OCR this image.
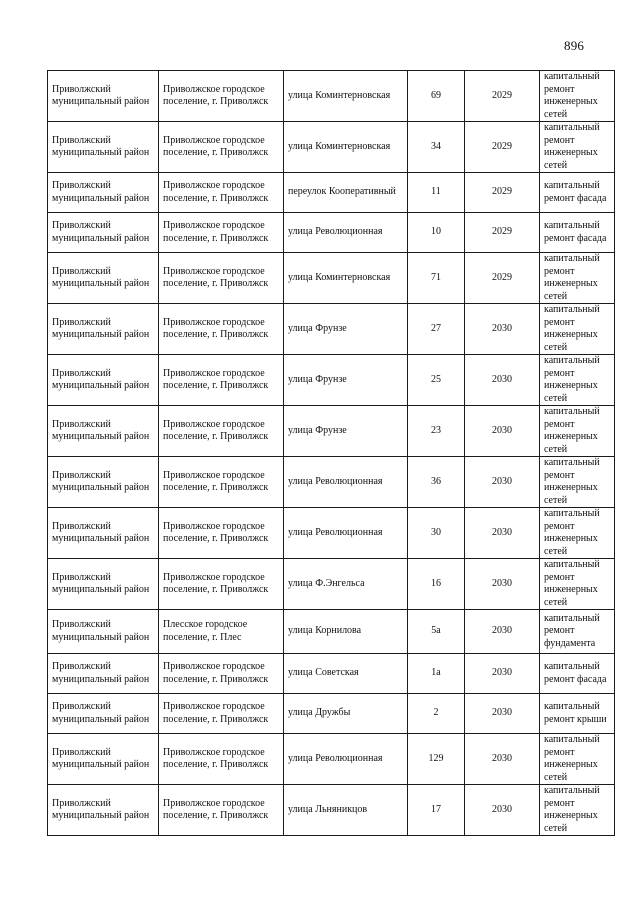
896
Приволжский муниципальный район	Приволжское городское поселение, г. Приволжск	улица Коминтерновская	69	2029	капитальный ремонт инженерных сетей
Приволжский муниципальный район	Приволжское городское поселение, г. Приволжск	улица Коминтерновская	34	2029	капитальный ремонт инженерных сетей
Приволжский муниципальный район	Приволжское городское поселение, г. Приволжск	переулок Кооперативный	11	2029	капитальный ремонт фасада
Приволжский муниципальный район	Приволжское городское поселение, г. Приволжск	улица Революционная	10	2029	капитальный ремонт фасада
Приволжский муниципальный район	Приволжское городское поселение, г. Приволжск	улица Коминтерновская	71	2029	капитальный ремонт инженерных сетей
Приволжский муниципальный район	Приволжское городское поселение, г. Приволжск	улица Фрунзе	27	2030	капитальный ремонт инженерных сетей
Приволжский муниципальный район	Приволжское городское поселение, г. Приволжск	улица Фрунзе	25	2030	капитальный ремонт инженерных сетей
Приволжский муниципальный район	Приволжское городское поселение, г. Приволжск	улица Фрунзе	23	2030	капитальный ремонт инженерных сетей
Приволжский муниципальный район	Приволжское городское поселение, г. Приволжск	улица Революционная	36	2030	капитальный ремонт инженерных сетей
Приволжский муниципальный район	Приволжское городское поселение, г. Приволжск	улица Революционная	30	2030	капитальный ремонт инженерных сетей
Приволжский муниципальный район	Приволжское городское поселение, г. Приволжск	улица Ф.Энгельса	16	2030	капитальный ремонт инженерных сетей
Приволжский муниципальный район	Плесское городское поселение, г. Плес	улица Корнилова	5а	2030	капитальный ремонт фундамента
Приволжский муниципальный район	Приволжское городское поселение, г. Приволжск	улица Советская	1а	2030	капитальный ремонт фасада
Приволжский муниципальный район	Приволжское городское поселение, г. Приволжск	улица Дружбы	2	2030	капитальный ремонт крыши
Приволжский муниципальный район	Приволжское городское поселение, г. Приволжск	улица Революционная	129	2030	капитальный ремонт инженерных сетей
Приволжский муниципальный район	Приволжское городское поселение, г. Приволжск	улица Льняникцов	17	2030	капитальный ремонт инженерных сетей
